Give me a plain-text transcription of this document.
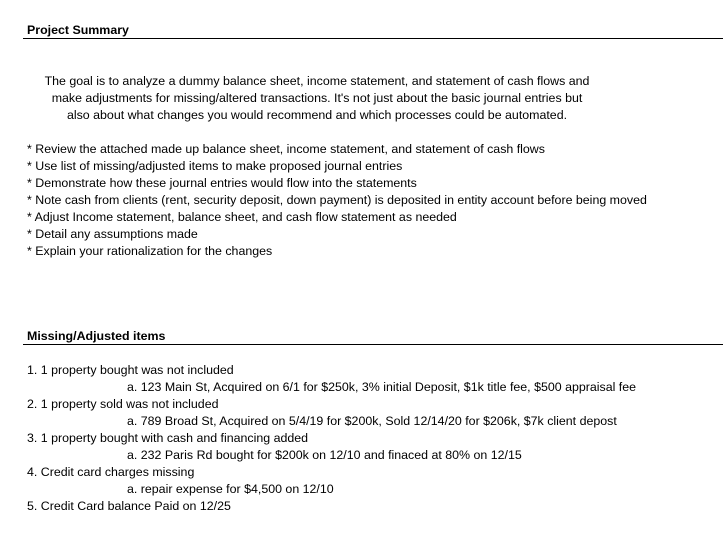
Project Summary
The goal is to analyze a dummy balance sheet, income statement, and statement of cash flows and
make adjustments for missing/altered transactions. It's not just about the basic journal entries but
also about what changes you would recommend and which processes could be automated.
* Review the attached made up balance sheet, income statement, and statement of cash flows
* Use list of missing/adjusted items to make proposed journal entries
* Demonstrate how these journal entries would flow into the statements
* Note cash from clients (rent, security deposit, down payment) is deposited in entity account before being moved
* Adjust Income statement, balance sheet, and cash flow statement as needed
* Detail any assumptions made
* Explain your rationalization for the changes
Missing/Adjusted items
1. 1 property bought was not included
a. 123 Main St, Acquired on 6/1 for $250k, 3% initial Deposit, $1k title fee, $500 appraisal fee
2. 1 property sold was not included
a. 789 Broad St, Acquired on 5/4/19 for $200k, Sold 12/14/20 for $206k, $7k client depost
3. 1 property bought with cash and financing added
a. 232 Paris Rd bought for $200k on 12/10 and finaced at 80% on 12/15
4. Credit card charges missing
a. repair expense for $4,500 on 12/10
5. Credit Card balance Paid on 12/25
